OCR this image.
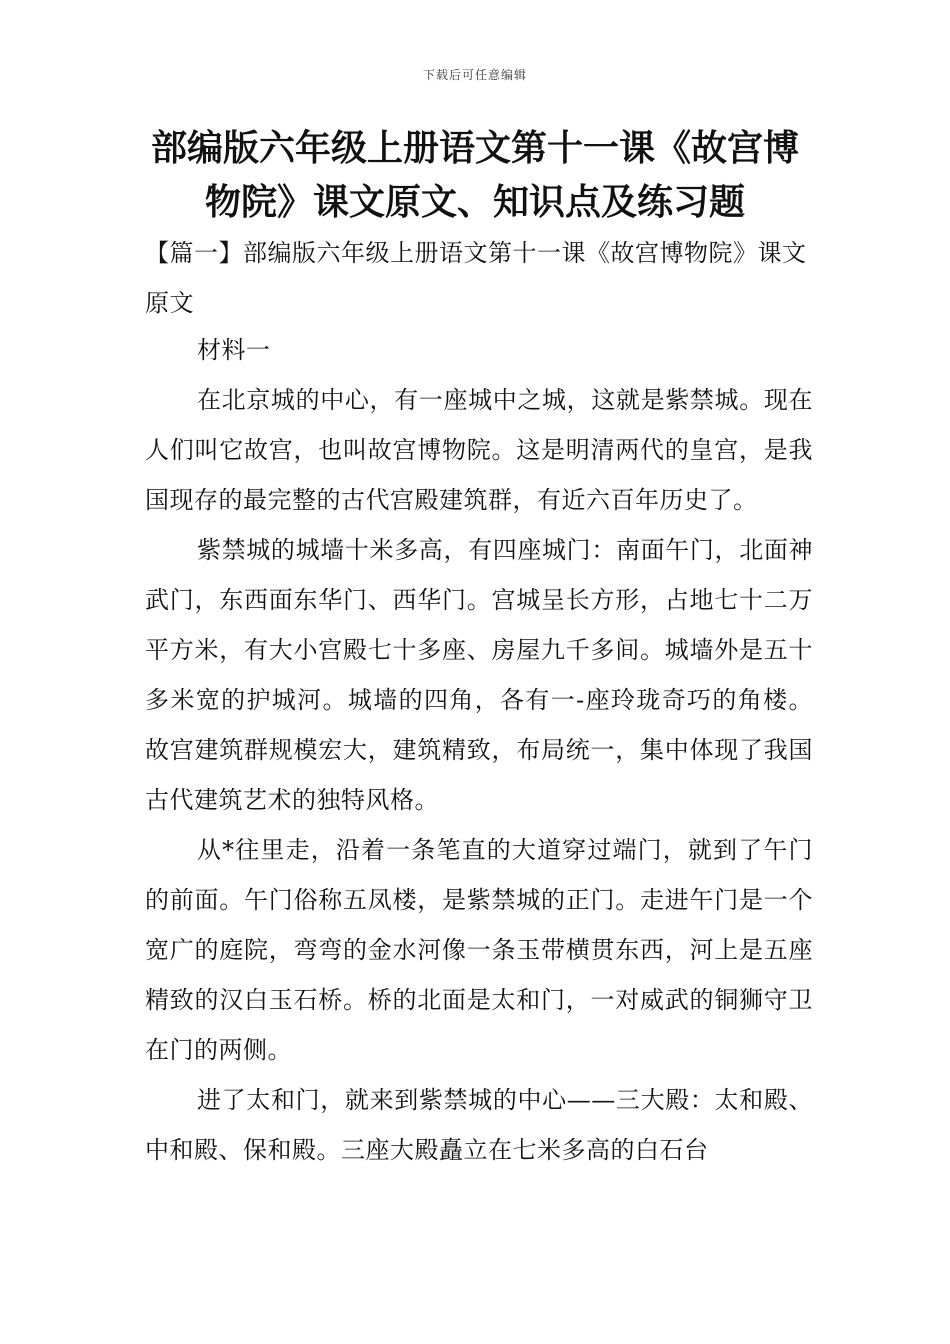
下载后可任意编辑
部编版六年级上册语文第十一课《故宫博物院》课文原文、知识点及练习题
【篇一】部编版六年级上册语文第十一课《故宫博物院》课文原文

材料一

在北京城的中心，有一座城中之城，这就是紫禁城。现在人们叫它故宫，也叫故宫博物院。这是明清两代的皇宫，是我国现存的最完整的古代宫殿建筑群，有近六百年历史了。

紫禁城的城墙十米多高，有四座城门：南面午门，北面神武门，东西面东华门、西华门。宫城呈长方形，占地七十二万平方米，有大小宫殿七十多座、房屋九千多间。城墙外是五十多米宽的护城河。城墙的四角，各有一-座玲珑奇巧的角楼。故宫建筑群规模宏大，建筑精致，布局统一，集中体现了我国古代建筑艺术的独特风格。

从*往里走，沿着一条笔直的大道穿过端门，就到了午门的前面。午门俗称五凤楼，是紫禁城的正门。走进午门是一个宽广的庭院，弯弯的金水河像一条玉带横贯东西，河上是五座精致的汉白玉石桥。桥的北面是太和门，一对威武的铜狮守卫在门的两侧。

进了太和门，就来到紫禁城的中心——三大殿：太和殿、中和殿、保和殿。三座大殿矗立在七米多高的白石台
